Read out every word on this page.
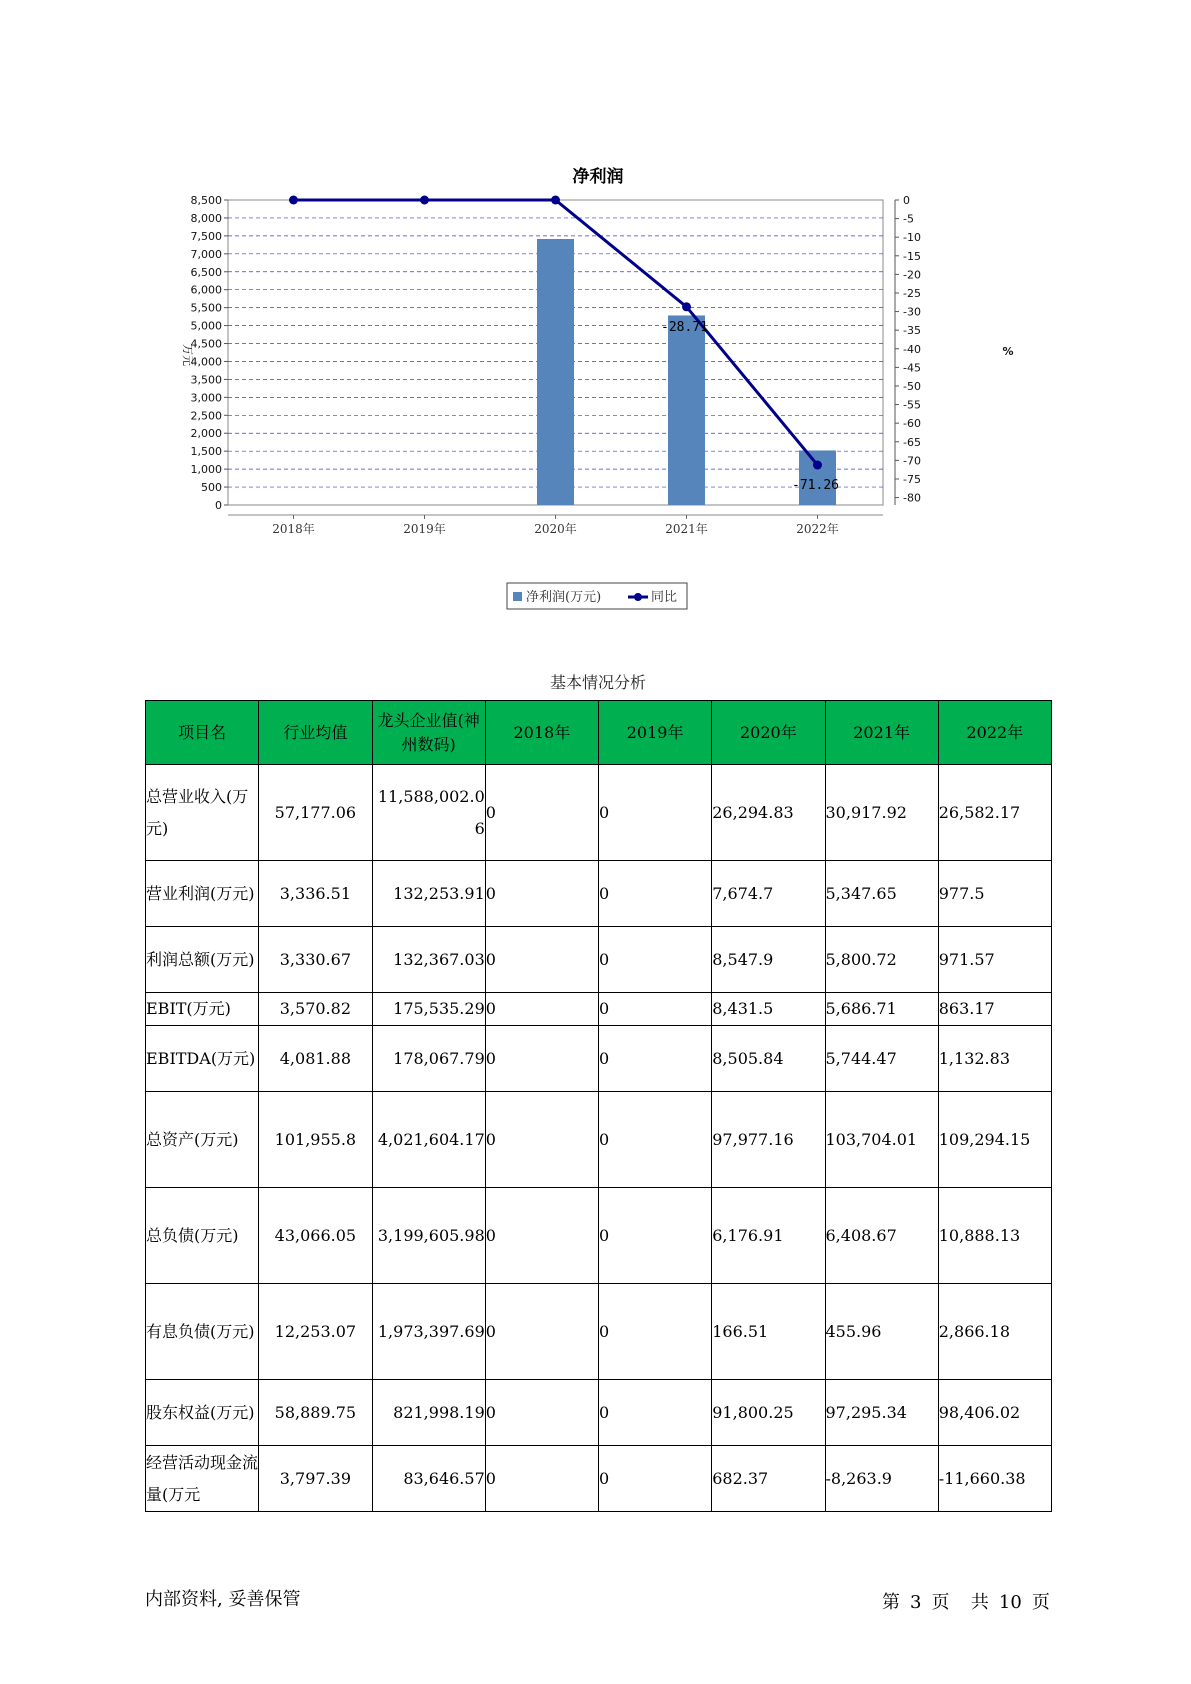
净利润
万元	%
-28.71
-71.26
8,500
8,000
7,500
7,000
6,500
6,000
5,500
5,000
4,500
4,000
3,500
3,000
2,500
2,000
1,500
1,000
500
0
0
-5
-10
-15
-20
-25
-30
-35
-40
-45
-50
-55
-60
-65
-70
-75
-80
2018年	2019年	2020年	2021年	2022年
净利润(万元)	同比
基本情况分析
项目名	行业均值	龙头企业值(神州数码)	2018年	2019年	2020年	2021年	2022年
总营业收入(万元)	57,177.06	11,588,002.06	0	0	26,294.83	30,917.92	26,582.17
营业利润(万元)	3,336.51	132,253.91	0	0	7,674.7	5,347.65	977.5
利润总额(万元)	3,330.67	132,367.03	0	0	8,547.9	5,800.72	971.57
EBIT(万元)	3,570.82	175,535.29	0	0	8,431.5	5,686.71	863.17
EBITDA(万元)	4,081.88	178,067.79	0	0	8,505.84	5,744.47	1,132.83
总资产(万元)	101,955.8	4,021,604.17	0	0	97,977.16	103,704.01	109,294.15
总负债(万元)	43,066.05	3,199,605.98	0	0	6,176.91	6,408.67	10,888.13
有息负债(万元)	12,253.07	1,973,397.69	0	0	166.51	455.96	2,866.18
股东权益(万元)	58,889.75	821,998.19	0	0	91,800.25	97,295.34	98,406.02
经营活动现金流量(万元	3,797.39	83,646.57	0	0	682.37	-8,263.9	-11,660.38
内部资料, 妥善保管	第 3 页 共 10 页
